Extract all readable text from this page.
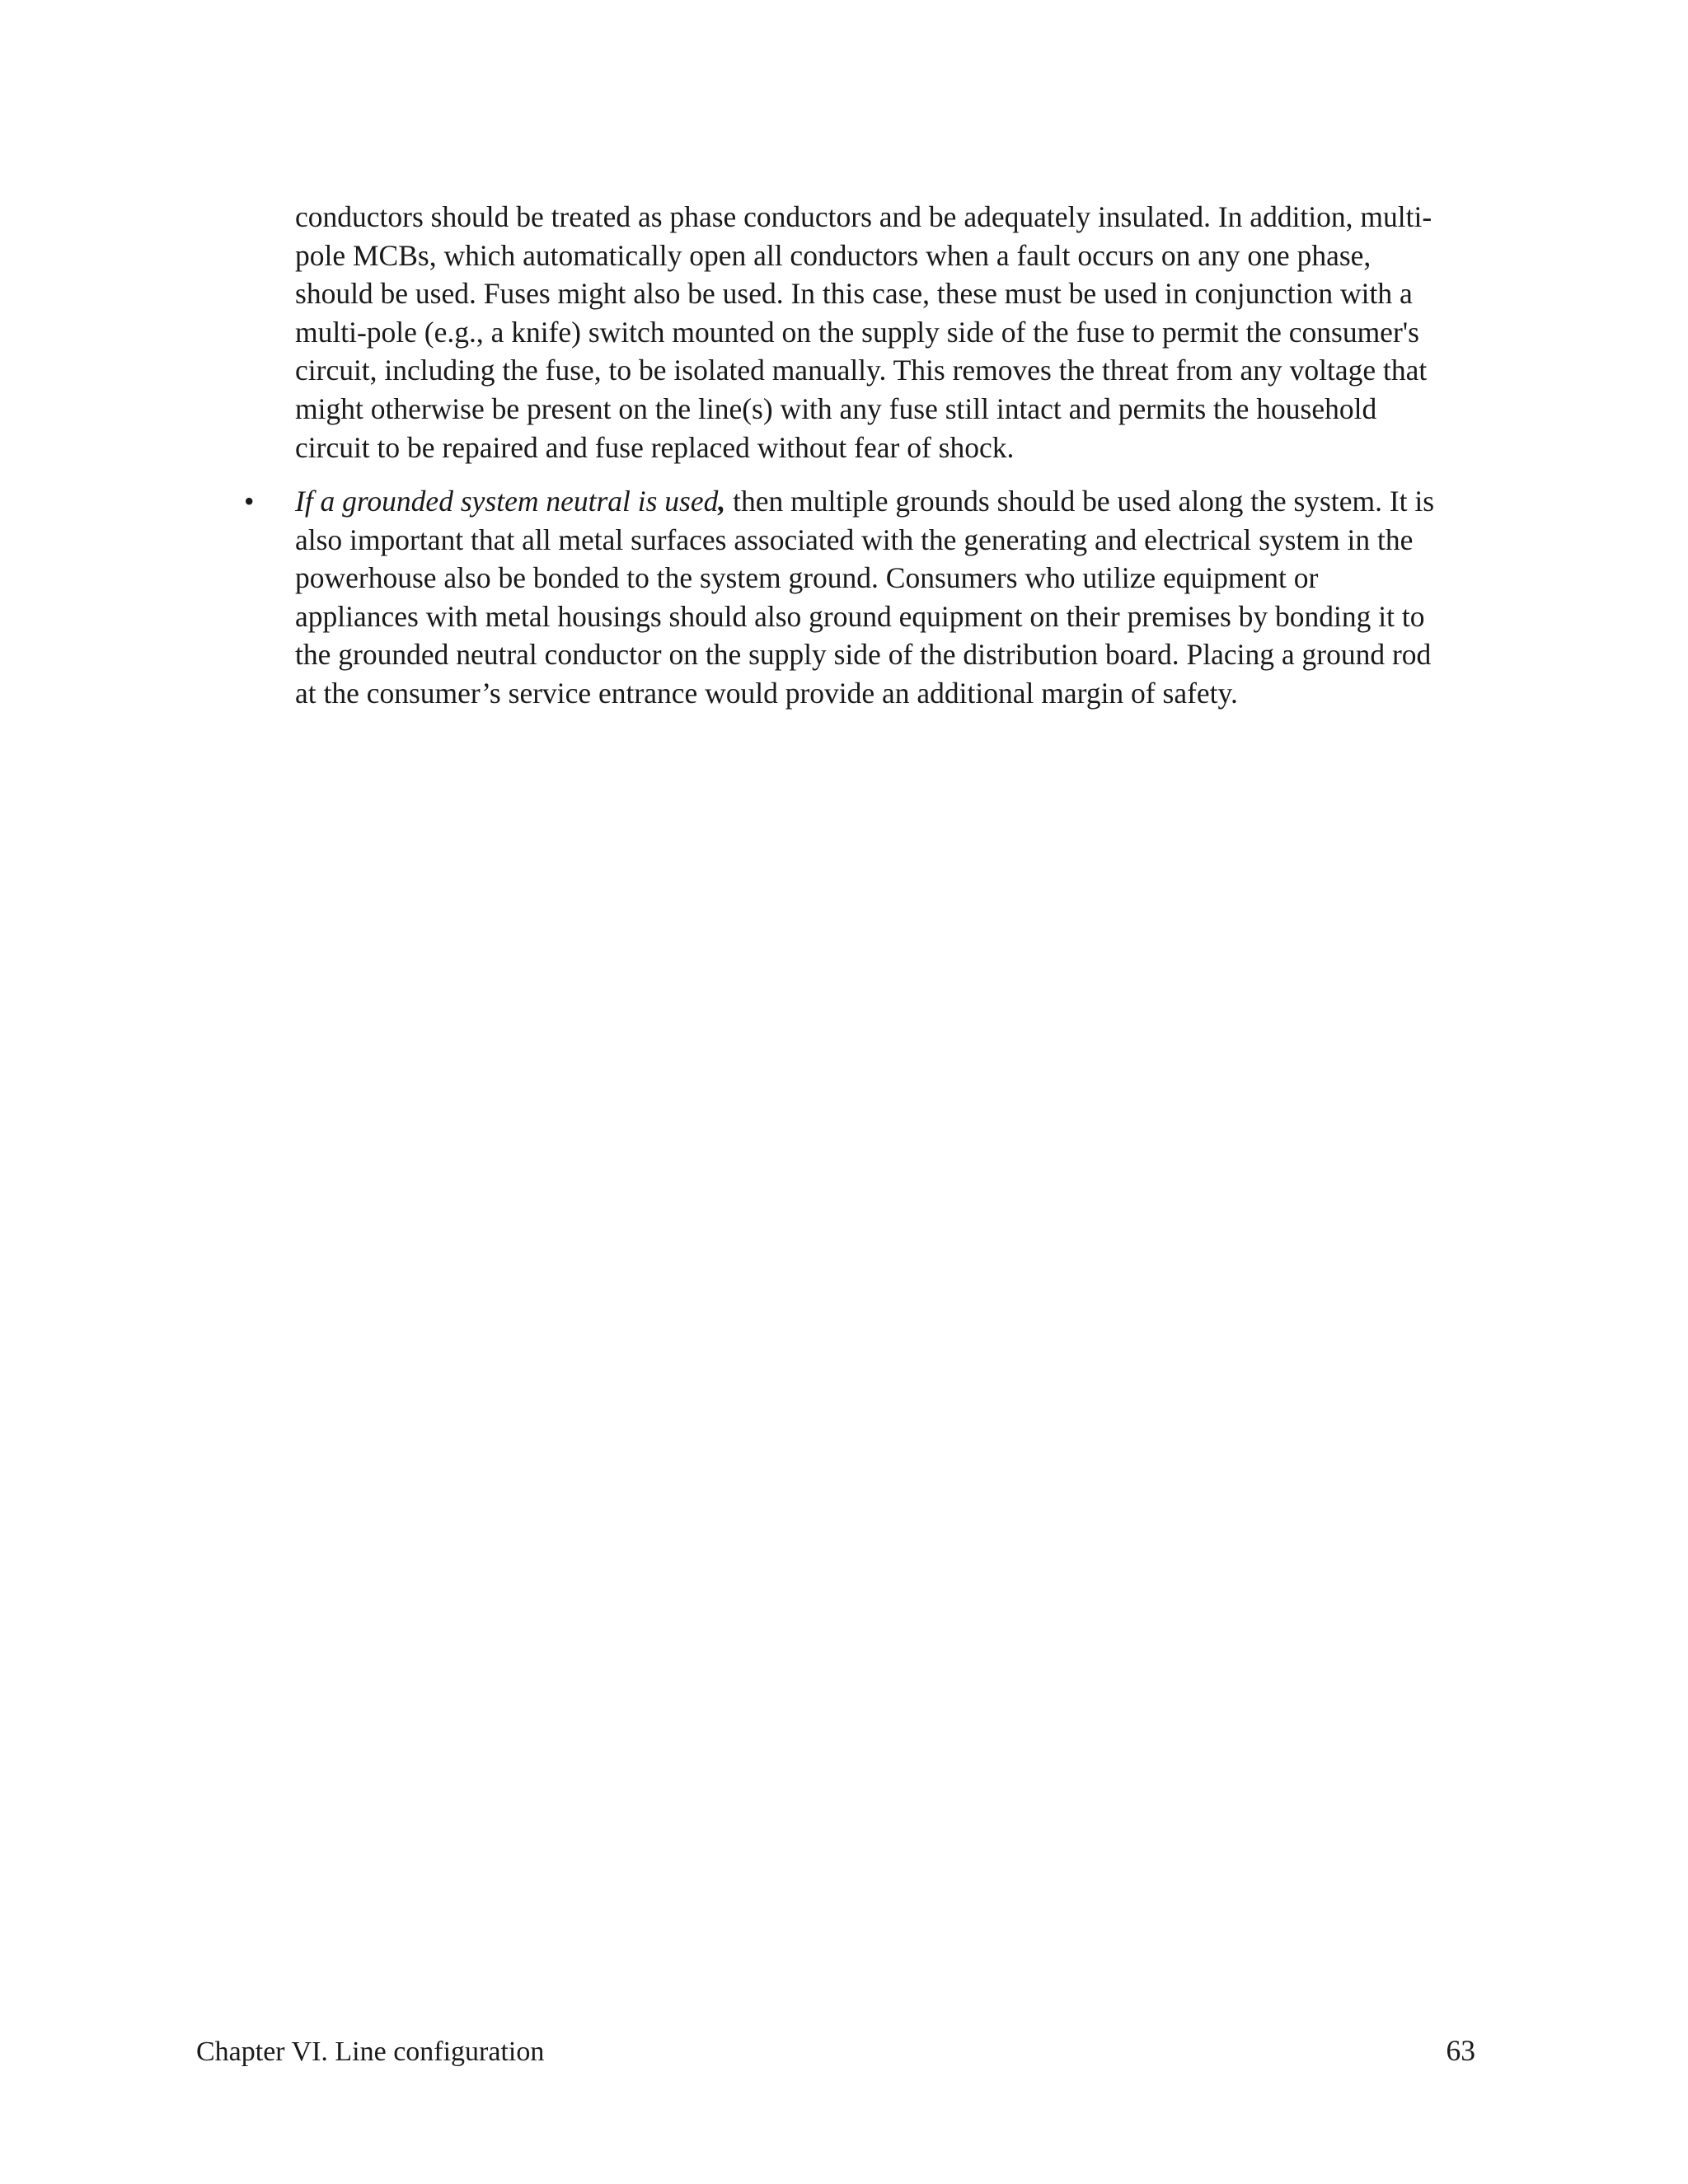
conductors should be treated as phase conductors and be adequately insulated. In addition, multi-
pole MCBs, which automatically open all conductors when a fault occurs on any one phase,
should be used. Fuses might also be used. In this case, these must be used in conjunction with a
multi-pole (e.g., a knife) switch mounted on the supply side of the fuse to permit the consumer's
circuit, including the fuse, to be isolated manually. This removes the threat from any voltage that
might otherwise be present on the line(s) with any fuse still intact and permits the household
circuit to be repaired and fuse replaced without fear of shock.

• If a grounded system neutral is used, then multiple grounds should be used along the system. It is
also important that all metal surfaces associated with the generating and electrical system in the
powerhouse also be bonded to the system ground. Consumers who utilize equipment or
appliances with metal housings should also ground equipment on their premises by bonding it to
the grounded neutral conductor on the supply side of the distribution board. Placing a ground rod
at the consumer’s service entrance would provide an additional margin of safety.

Chapter VI. Line configuration	63
